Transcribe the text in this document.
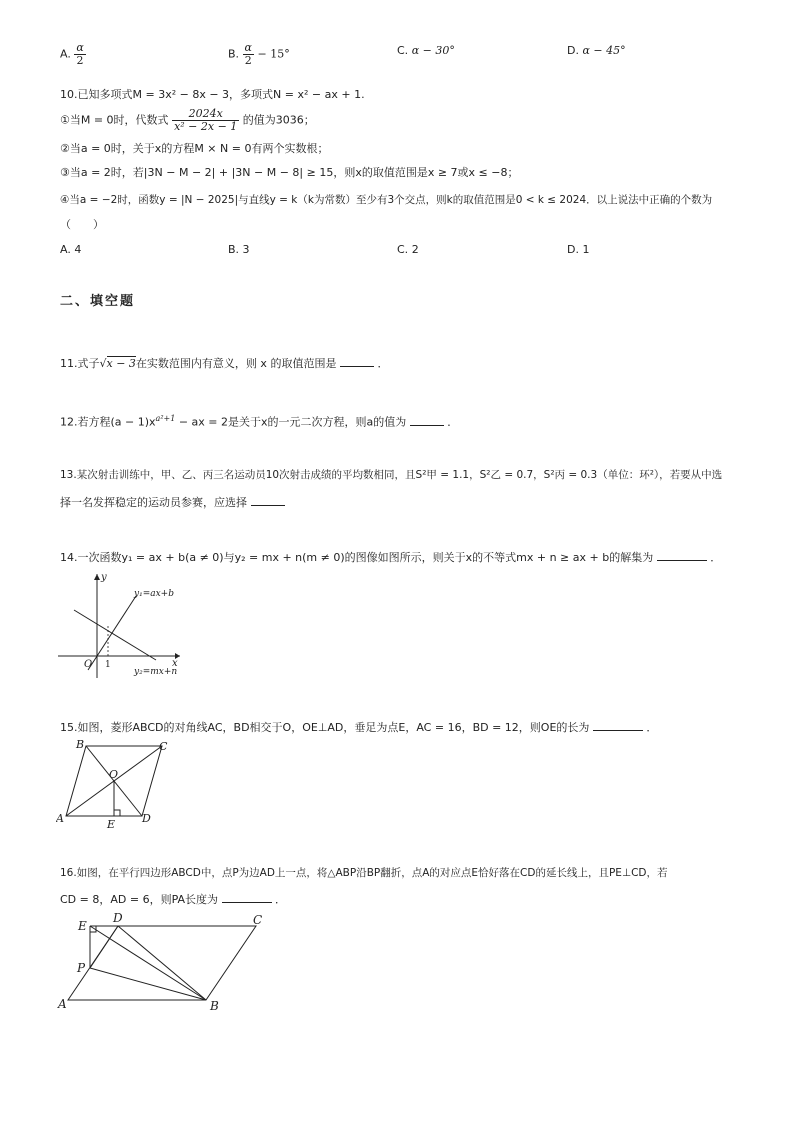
A. $\frac{\alpha}{2}$	B. $\frac{\alpha}{2} - 15^\circ$	C. α − 30°	D. α − 45°
10.已知多项式M = 3x² − 8x − 3，多项式N = x² − ax + 1.
①当M = 0时，代数式 $\frac{2024x}{\text{x² − 2x − 1}}$ 的值为3036；
②当a = 0时，关于x的方程M × N = 0有两个实数根；
③当a = 2时，若|3N − M − 2| + |3N − M − 8| ≥ 15，则x的取值范围是x ≥ 7或x ≤ −8；
④当a = −2时，函数y = |N − 2025|与直线y = k（k为常数）至少有3个交点，则k的取值范围是0 < k ≤ 2024．以上说法中正确的个数为
（　　）
A. 4	B. 3	C. 2	D. 1
二、填空题
11.式子√x − 3在实数范围内有意义，则 x 的取值范围是	．
12.若方程$(a - 1)x^{a^2+1}$ − ax = 2是关于x的一元二次方程，则a的值为	．
13.某次射击训练中，甲、乙、丙三名运动员10次射击成绩的平均数相同，且S²甲 = 1.1，S²乙 = 0.7，S²丙 = 0.3（单位：环²），若要从中选
择一名发挥稳定的运动员参赛，应选择
14.一次函数y₁ = ax + b(a ≠ 0)与y₂ = mx + n(m ≠ 0)的图像如图所示，则关于x的不等式mx + n ≥ ax + b的解集为	．
y₁=ax+b
y₂=mx+n
x
y
O 1
15.如图，菱形ABCD的对角线AC，BD相交于O，OE⊥AD，垂足为点E，AC = 16，BD = 12，则OE的长为	．
A
B	C
D
O
E
16.如图，在平行四边形ABCD中，点P为边AD上一点，将△ABP沿BP翻折，点A的对应点E恰好落在CD的延长线上，且PE⊥CD，若
CD = 8，AD = 6，则PA长度为	．
A	B
C
D
E
P
